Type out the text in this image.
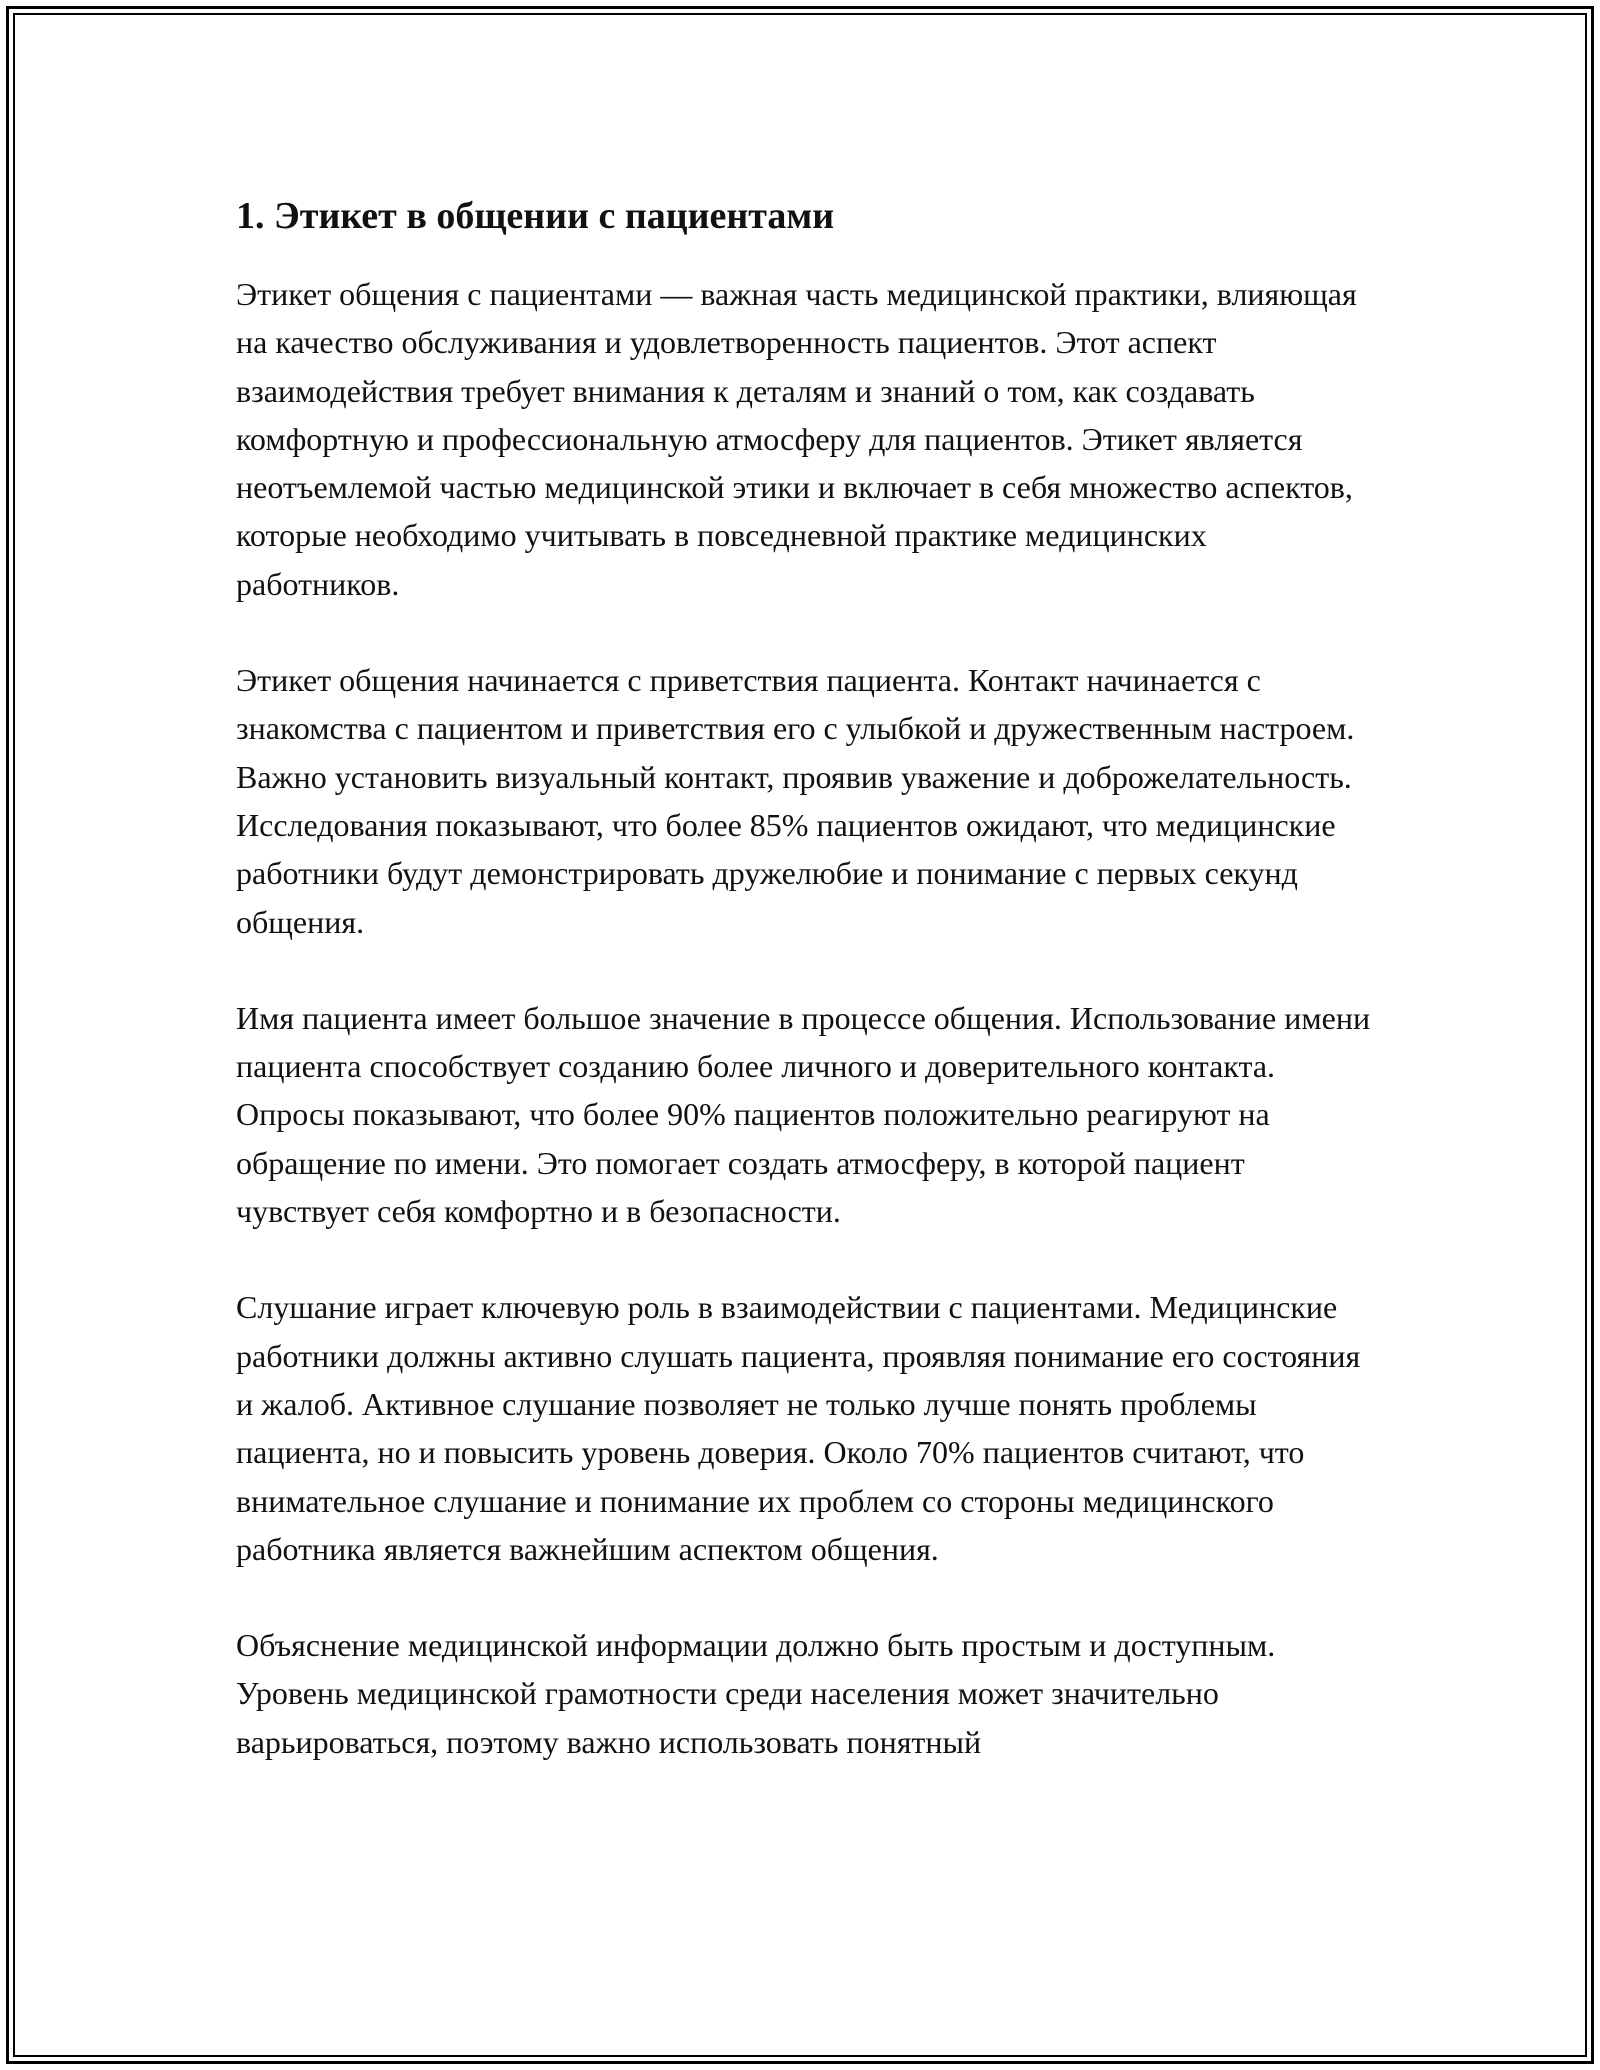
1. Этикет в общении с пациентами

Этикет общения с пациентами — важная часть медицинской практики, влияющая на качество обслуживания и удовлетворенность пациентов. Этот аспект взаимодействия требует внимания к деталям и знаний о том, как создавать комфортную и профессиональную атмосферу для пациентов. Этикет является неотъемлемой частью медицинской этики и включает в себя множество аспектов, которые необходимо учитывать в повседневной практике медицинских работников.

Этикет общения начинается с приветствия пациента. Контакт начинается с знакомства с пациентом и приветствия его с улыбкой и дружественным настроем. Важно установить визуальный контакт, проявив уважение и доброжелательность. Исследования показывают, что более 85% пациентов ожидают, что медицинские работники будут демонстрировать дружелюбие и понимание с первых секунд общения.

Имя пациента имеет большое значение в процессе общения. Использование имени пациента способствует созданию более личного и доверительного контакта. Опросы показывают, что более 90% пациентов положительно реагируют на обращение по имени. Это помогает создать атмосферу, в которой пациент чувствует себя комфортно и в безопасности.

Слушание играет ключевую роль в взаимодействии с пациентами. Медицинские работники должны активно слушать пациента, проявляя понимание его состояния и жалоб. Активное слушание позволяет не только лучше понять проблемы пациента, но и повысить уровень доверия. Около 70% пациентов считают, что внимательное слушание и понимание их проблем со стороны медицинского работника является важнейшим аспектом общения.

Объяснение медицинской информации должно быть простым и доступным. Уровень медицинской грамотности среди населения может значительно варьироваться, поэтому важно использовать понятный
